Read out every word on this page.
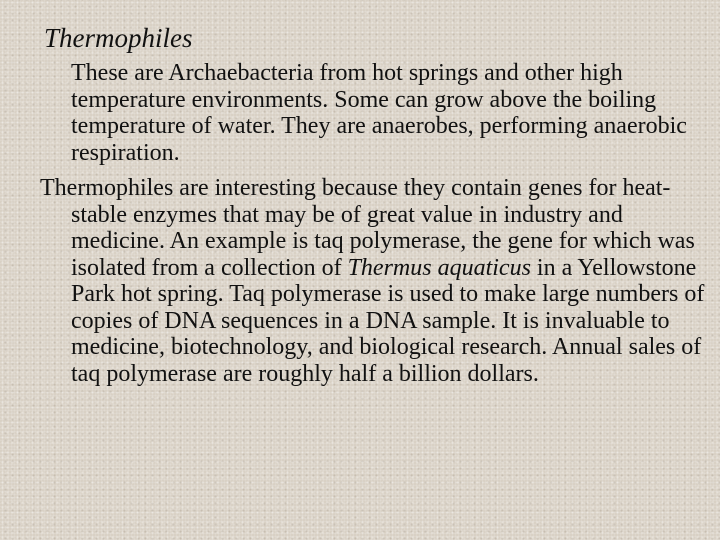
Thermophiles

These are Archaebacteria from hot springs and other high temperature environments. Some can grow above the boiling temperature of water. They are anaerobes, performing anaerobic respiration.

Thermophiles are interesting because they contain genes for heat-stable enzymes that may be of great value in industry and medicine. An example is taq polymerase, the gene for which was isolated from a collection of Thermus aquaticus in a Yellowstone Park hot spring. Taq polymerase is used to make large numbers of copies of DNA sequences in a DNA sample. It is invaluable to medicine, biotechnology, and biological research. Annual sales of taq polymerase are roughly half a billion dollars.
